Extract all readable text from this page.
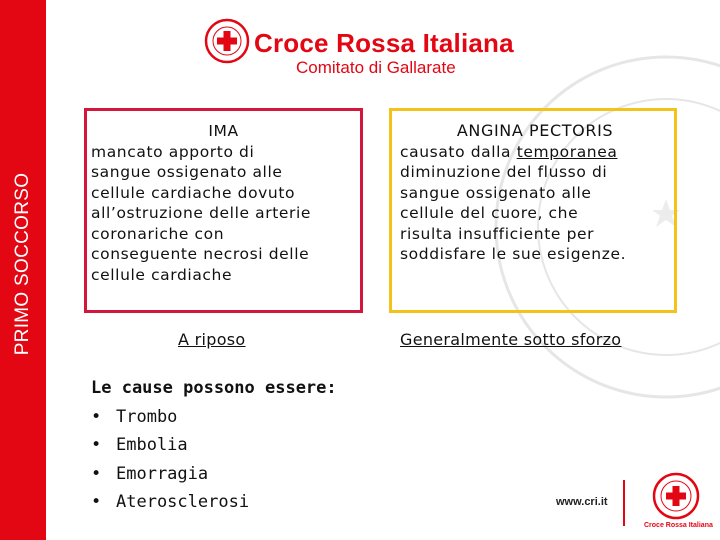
PRIMO SOCCORSO
Croce Rossa Italiana
Comitato di Gallarate
IMA
mancato apporto di
sangue ossigenato alle
cellule cardiache dovuto
all’ostruzione delle arterie
coronariche con
conseguente necrosi delle
cellule cardiache
ANGINA PECTORIS
causato dalla temporanea
diminuzione del flusso di
sangue ossigenato alle
cellule del cuore, che
risulta insufficiente per
soddisfare le sue esigenze.
A riposo	Generalmente sotto sforzo
Le cause possono essere:
• Trombo
• Embolia
• Emorragia
• Aterosclerosi	www.cri.it
Croce Rossa Italiana
